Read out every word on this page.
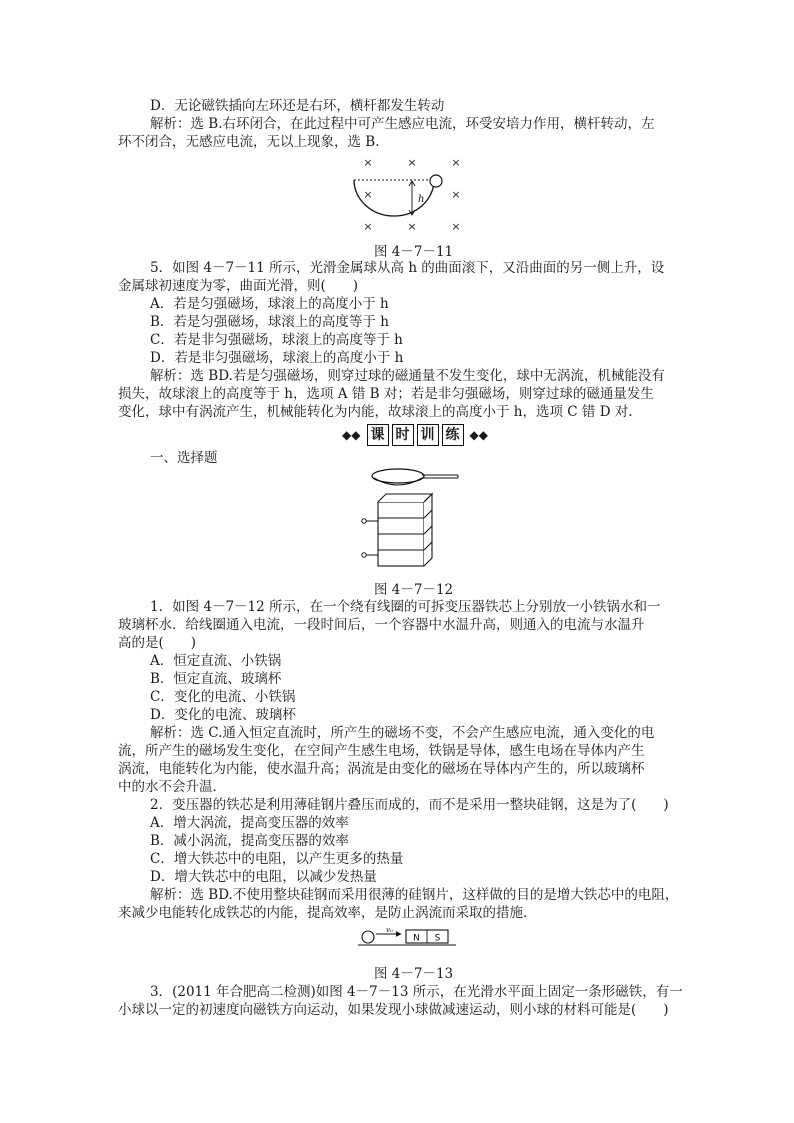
D．无论磁铁插向左环还是右环，横杆都发生转动
解析：选 B.右环闭合，在此过程中可产生感应电流，环受安培力作用，横杆转动，左
环不闭合，无感应电流，无以上现象，选 B.
5．如图 4－7－11 所示，光滑金属球从高 h 的曲面滚下，又沿曲面的另一侧上升，设
金属球初速度为零，曲面光滑，则(　　)
A．若是匀强磁场，球滚上的高度小于 h
B．若是匀强磁场，球滚上的高度等于 h
C．若是非匀强磁场，球滚上的高度等于 h
D．若是非匀强磁场，球滚上的高度小于 h
解析：选 BD.若是匀强磁场，则穿过球的磁通量不发生变化，球中无涡流，机械能没有
损失，故球滚上的高度等于 h，选项 A 错 B 对；若是非匀强磁场，则穿过球的磁通量发生
变化，球中有涡流产生，机械能转化为内能，故球滚上的高度小于 h，选项 C 错 D 对.
一、选择题
1．如图 4－7－12 所示，在一个绕有线圈的可拆变压器铁芯上分别放一小铁锅水和一
玻璃杯水．给线圈通入电流，一段时间后，一个容器中水温升高，则通入的电流与水温升
高的是(　　)
A．恒定直流、小铁锅
B．恒定直流、玻璃杯
C．变化的电流、小铁锅
D．变化的电流、玻璃杯
解析：选 C.通入恒定直流时，所产生的磁场不变，不会产生感应电流，通入变化的电
流，所产生的磁场发生变化，在空间产生感生电场，铁锅是导体，感生电场在导体内产生
涡流，电能转化为内能，使水温升高；涡流是由变化的磁场在导体内产生的，所以玻璃杯
中的水不会升温．
2．变压器的铁芯是利用薄硅钢片叠压而成的，而不是采用一整块硅钢，这是为了(　　)
A．增大涡流，提高变压器的效率
B．减小涡流，提高变压器的效率
C．增大铁芯中的电阻，以产生更多的热量
D．增大铁芯中的电阻，以减少发热量
解析：选 BD.不使用整块硅钢而采用很薄的硅钢片，这样做的目的是增大铁芯中的电阻，
来减少电能转化成铁芯的内能，提高效率，是防止涡流而采取的措施．
3．(2011 年合肥高二检测)如图 4－7－13 所示，在光滑水平面上固定一条形磁铁，有一
小球以一定的初速度向磁铁方向运动，如果发现小球做减速运动，则小球的材料可能是(　　)
×	×	×
×	×
×	×	×
h
图 4－7－11
◆◆ 课 时 训 练 ◆◆
图 4－7－12
v₀
N S
图 4－7－13
